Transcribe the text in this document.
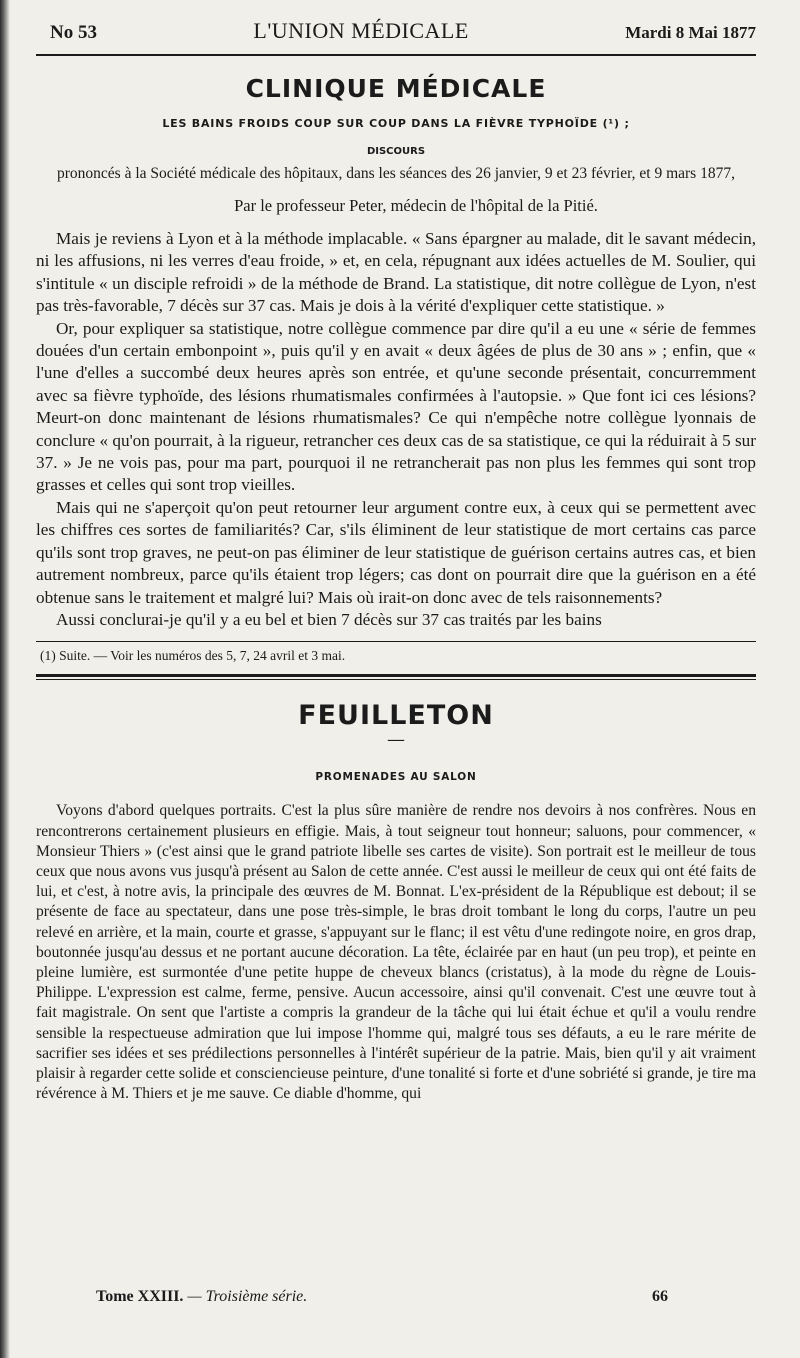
No 53	L'UNION MÉDICALE	Mardi 8 Mai 1877
CLINIQUE MÉDICALE
LES BAINS FROIDS COUP SUR COUP DANS LA FIÈVRE TYPHOÏDE (¹) ;
DISCOURS
prononcés à la Société médicale des hôpitaux, dans les séances des 26 janvier, 9 et 23 février, et 9 mars 1877,
Par le professeur Peter, médecin de l'hôpital de la Pitié.

Mais je reviens à Lyon et à la méthode implacable. « Sans épargner au malade, dit le savant médecin, ni les affusions, ni les verres d'eau froide, » et, en cela, répugnant aux idées actuelles de M. Soulier, qui s'intitule « un disciple refroidi » de la méthode de Brand. La statistique, dit notre collègue de Lyon, n'est pas très-favorable, 7 décès sur 37 cas. Mais je dois à la vérité d'expliquer cette statistique. »

Or, pour expliquer sa statistique, notre collègue commence par dire qu'il a eu une « série de femmes douées d'un certain embonpoint », puis qu'il y en avait « deux âgées de plus de 30 ans » ; enfin, que « l'une d'elles a succombé deux heures après son entrée, et qu'une seconde présentait, concurremment avec sa fièvre typhoïde, des lésions rhumatismales confirmées à l'autopsie. » Que font ici ces lésions? Meurt-on donc maintenant de lésions rhumatismales? Ce qui n'empêche notre collègue lyonnais de conclure « qu'on pourrait, à la rigueur, retrancher ces deux cas de sa statistique, ce qui la réduirait à 5 sur 37. » Je ne vois pas, pour ma part, pourquoi il ne retrancherait pas non plus les femmes qui sont trop grasses et celles qui sont trop vieilles.

Mais qui ne s'aperçoit qu'on peut retourner leur argument contre eux, à ceux qui se permettent avec les chiffres ces sortes de familiarités? Car, s'ils éliminent de leur statistique de mort certains cas parce qu'ils sont trop graves, ne peut-on pas éliminer de leur statistique de guérison certains autres cas, et bien autrement nombreux, parce qu'ils étaient trop légers; cas dont on pourrait dire que la guérison en a été obtenue sans le traitement et malgré lui? Mais où irait-on donc avec de tels raisonnements?

Aussi conclurai-je qu'il y a eu bel et bien 7 décès sur 37 cas traités par les bains

(1) Suite. — Voir les numéros des 5, 7, 24 avril et 3 mai.
FEUILLETON
—
PROMENADES AU SALON

Voyons d'abord quelques portraits. C'est la plus sûre manière de rendre nos devoirs à nos confrères. Nous en rencontrerons certainement plusieurs en effigie. Mais, à tout seigneur tout honneur; saluons, pour commencer, « Monsieur Thiers » (c'est ainsi que le grand patriote libelle ses cartes de visite). Son portrait est le meilleur de tous ceux que nous avons vus jusqu'à présent au Salon de cette année. C'est aussi le meilleur de ceux qui ont été faits de lui, et c'est, à notre avis, la principale des œuvres de M. Bonnat. L'ex-président de la République est debout; il se présente de face au spectateur, dans une pose très-simple, le bras droit tombant le long du corps, l'autre un peu relevé en arrière, et la main, courte et grasse, s'appuyant sur le flanc; il est vêtu d'une redingote noire, en gros drap, boutonnée jusqu'au dessus et ne portant aucune décoration. La tête, éclairée par en haut (un peu trop), et peinte en pleine lumière, est surmontée d'une petite huppe de cheveux blancs (cristatus), à la mode du règne de Louis-Philippe. L'expression est calme, ferme, pensive. Aucun accessoire, ainsi qu'il convenait. C'est une œuvre tout à fait magistrale. On sent que l'artiste a compris la grandeur de la tâche qui lui était échue et qu'il a voulu rendre sensible la respectueuse admiration que lui impose l'homme qui, malgré tous ses défauts, a eu le rare mérite de sacrifier ses idées et ses prédilections personnelles à l'intérêt supérieur de la patrie. Mais, bien qu'il y ait vraiment plaisir à regarder cette solide et consciencieuse peinture, d'une tonalité si forte et d'une sobriété si grande, je tire ma révérence à M. Thiers et je me sauve. Ce diable d'homme, qui

Tome XXIII. — Troisième série.	66
